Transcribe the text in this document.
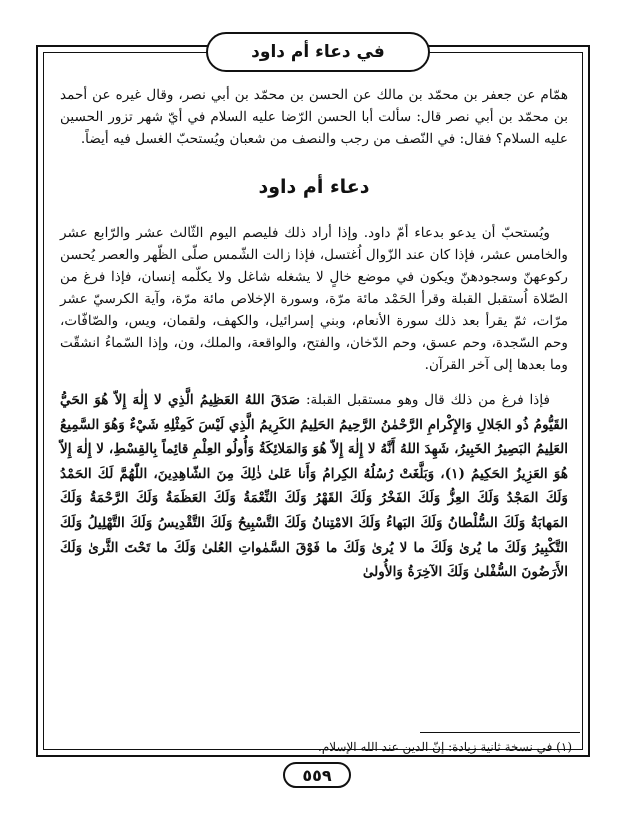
في دعاء أم داود

همّام عن جعفر بن محمّد بن مالك عن الحسن بن محمّد بن أبي نصر، وقال غيره عن أحمد بن محمّد بن أبي نصر قال: سألت أبا الحسن الرّضا عليه السلام في أيّ شهر تزور الحسين عليه السلام؟ فقال: في النّصف من رجب والنصف من شعبان ويُستحبّ الغسل فيه أيضاً.

دعاء أم داود

ويُستحبّ أن يدعو بدعاء أمّ داود. وإذا أراد ذلك فليصم اليوم الثّالث عشر والرّابع عشر والخامس عشر، فإذا كان عند الزّوال اُغتسل، فإذا زالت الشّمس صلّى الظّهر والعصر يُحسن ركوعهنّ وسجودهنّ ويكون في موضع خالٍ لا يشغله شاغل ولا يكلّمه إنسان، فإذا فرغ من الصّلاة اُستقبل القبلة وقرأ الحَمْد مائة مرّة، وسورة الإخلاص مائة مرّة، وآية الكرسيّ عشر مرّات، ثمّ يقرأ بعد ذلك سورة الأنعام، وبني إسرائيل، والكهف، ولقمان، ويس، والصّافّات، وحم السّجدة، وحم عسق، وحم الدّخان، والفتح، والواقعة، والملك، ون، وإذا السّماءُ انشقّت وما بعدها إلى آخر القرآن.

فإذا فرغ من ذلك قال وهو مستقبل القبلة: صَدَقَ اللهُ العَظِيمُ الَّذِي لا إِلٰهَ إِلاّ هُوَ الحَيُّ القَيُّومُ ذُو الجَلالِ وَالإِكْرامِ الرَّحْمٰنُ الرَّحِيمُ الحَلِيمُ الكَرِيمُ الَّذِي لَيْسَ كَمِثْلِهِ شَيْءٌ وَهُوَ السَّمِيعُ العَلِيمُ البَصِيرُ الخَبِيرُ، شَهِدَ اللهُ أَنَّهُ لا إِلٰهَ إِلاّ هُوَ وَالمَلائِكَةُ وَأُولُو العِلْمِ قائِماً بِالقِسْطِ، لا إِلٰهَ إِلاّ هُوَ العَزِيزُ الحَكِيمُ (١)، وَبَلَّغَتْ رُسُلُهُ الكِرامُ وَأَنا عَلىٰ ذٰلِكَ مِنَ الشّاهِدِينَ، اللّٰهُمَّ لَكَ الحَمْدُ وَلَكَ المَجْدُ وَلَكَ العِزُّ وَلَكَ الفَخْرُ وَلَكَ القَهْرُ وَلَكَ النِّعْمَةُ وَلَكَ العَظَمَةُ وَلَكَ الرَّحْمَةُ وَلَكَ المَهابَةُ وَلَكَ السُّلْطانُ وَلَكَ البَهاءُ وَلَكَ الامْتِنانُ وَلَكَ التَّسْبِيحُ وَلَكَ التَّقْدِيسُ وَلَكَ التَّهْلِيلُ وَلَكَ التَّكْبِيرُ وَلَكَ ما يُرىٰ وَلَكَ ما لا يُرىٰ وَلَكَ ما فَوْقَ السَّمٰواتِ العُلىٰ وَلَكَ ما تَحْتَ الثَّرىٰ وَلَكَ الأَرَضُونَ السُّفْلىٰ وَلَكَ الآخِرَةُ وَالأُولىٰ

(١) في نسخة ثانية زيادة: إنّ الدين عند الله الإسلام.
٥٥٩
